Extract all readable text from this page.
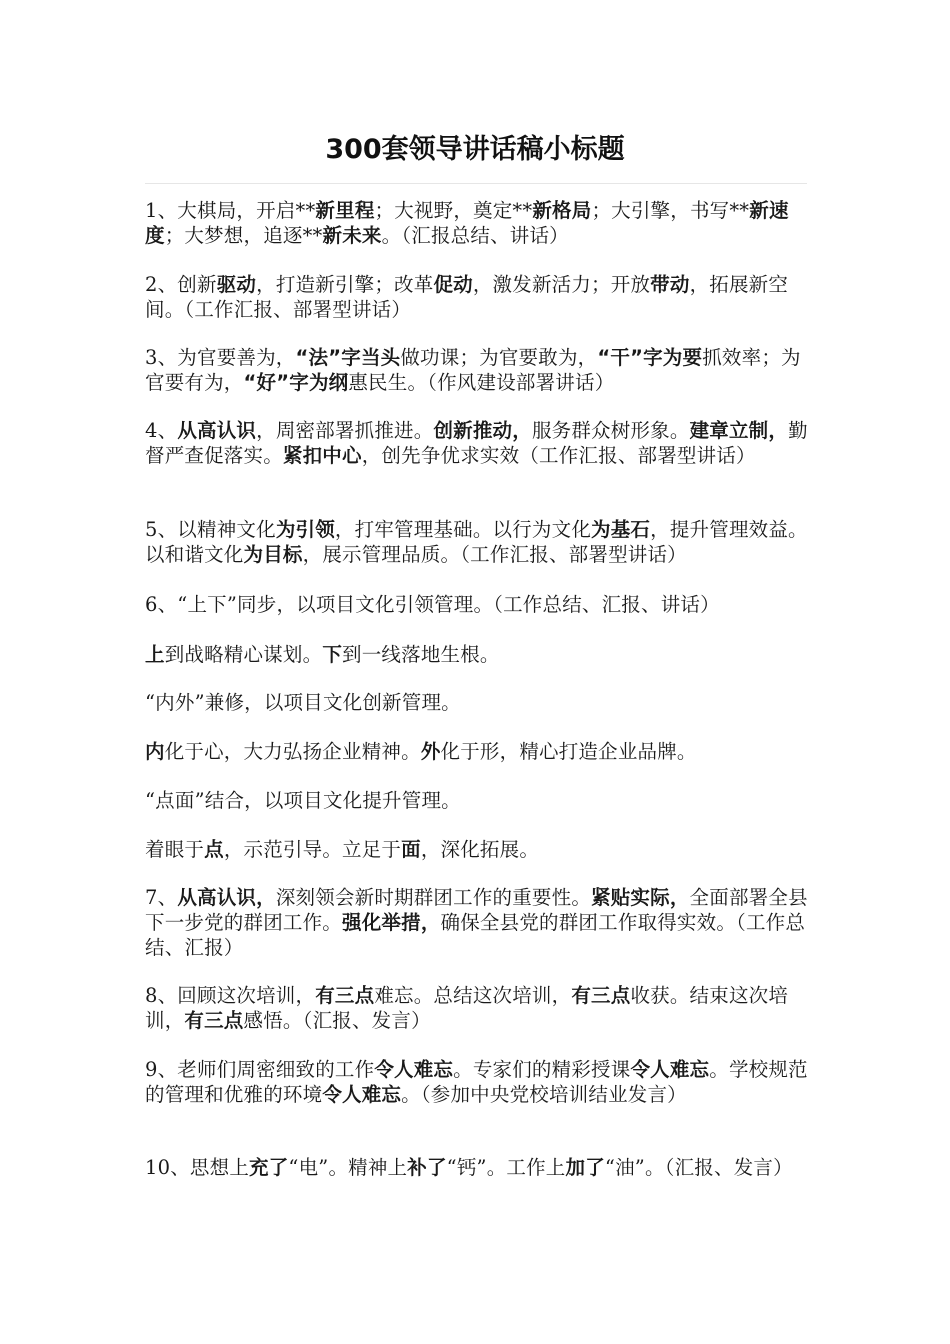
300套领导讲话稿小标题
1、大棋局，开启**新里程；大视野，奠定**新格局；大引擎，书写**新速度；大梦想，追逐**新未来。（汇报总结、讲话）
2、创新驱动，打造新引擎；改革促动，激发新活力；开放带动，拓展新空间。（工作汇报、部署型讲话）
3、为官要善为，“法”字当头做功课；为官要敢为，“干”字为要抓效率；为官要有为，“好”字为纲惠民生。（作风建设部署讲话）
4、从高认识，周密部署抓推进。创新推动，服务群众树形象。建章立制，勤督严查促落实。紧扣中心，创先争优求实效（工作汇报、部署型讲话）
5、以精神文化为引领，打牢管理基础。以行为文化为基石，提升管理效益。以和谐文化为目标，展示管理品质。（工作汇报、部署型讲话）
6、“上下”同步，以项目文化引领管理。（工作总结、汇报、讲话）
上到战略精心谋划。下到一线落地生根。
“内外”兼修，以项目文化创新管理。
内化于心，大力弘扬企业精神。外化于形，精心打造企业品牌。
“点面”结合，以项目文化提升管理。
着眼于点，示范引导。立足于面，深化拓展。
7、从高认识，深刻领会新时期群团工作的重要性。紧贴实际，全面部署全县下一步党的群团工作。强化举措，确保全县党的群团工作取得实效。（工作总结、汇报）
8、回顾这次培训，有三点难忘。总结这次培训，有三点收获。结束这次培训，有三点感悟。（汇报、发言）
9、老师们周密细致的工作令人难忘。专家们的精彩授课令人难忘。学校规范的管理和优雅的环境令人难忘。（参加中央党校培训结业发言）
10、思想上充了“电”。精神上补了“钙”。工作上加了“油”。（汇报、发言）
